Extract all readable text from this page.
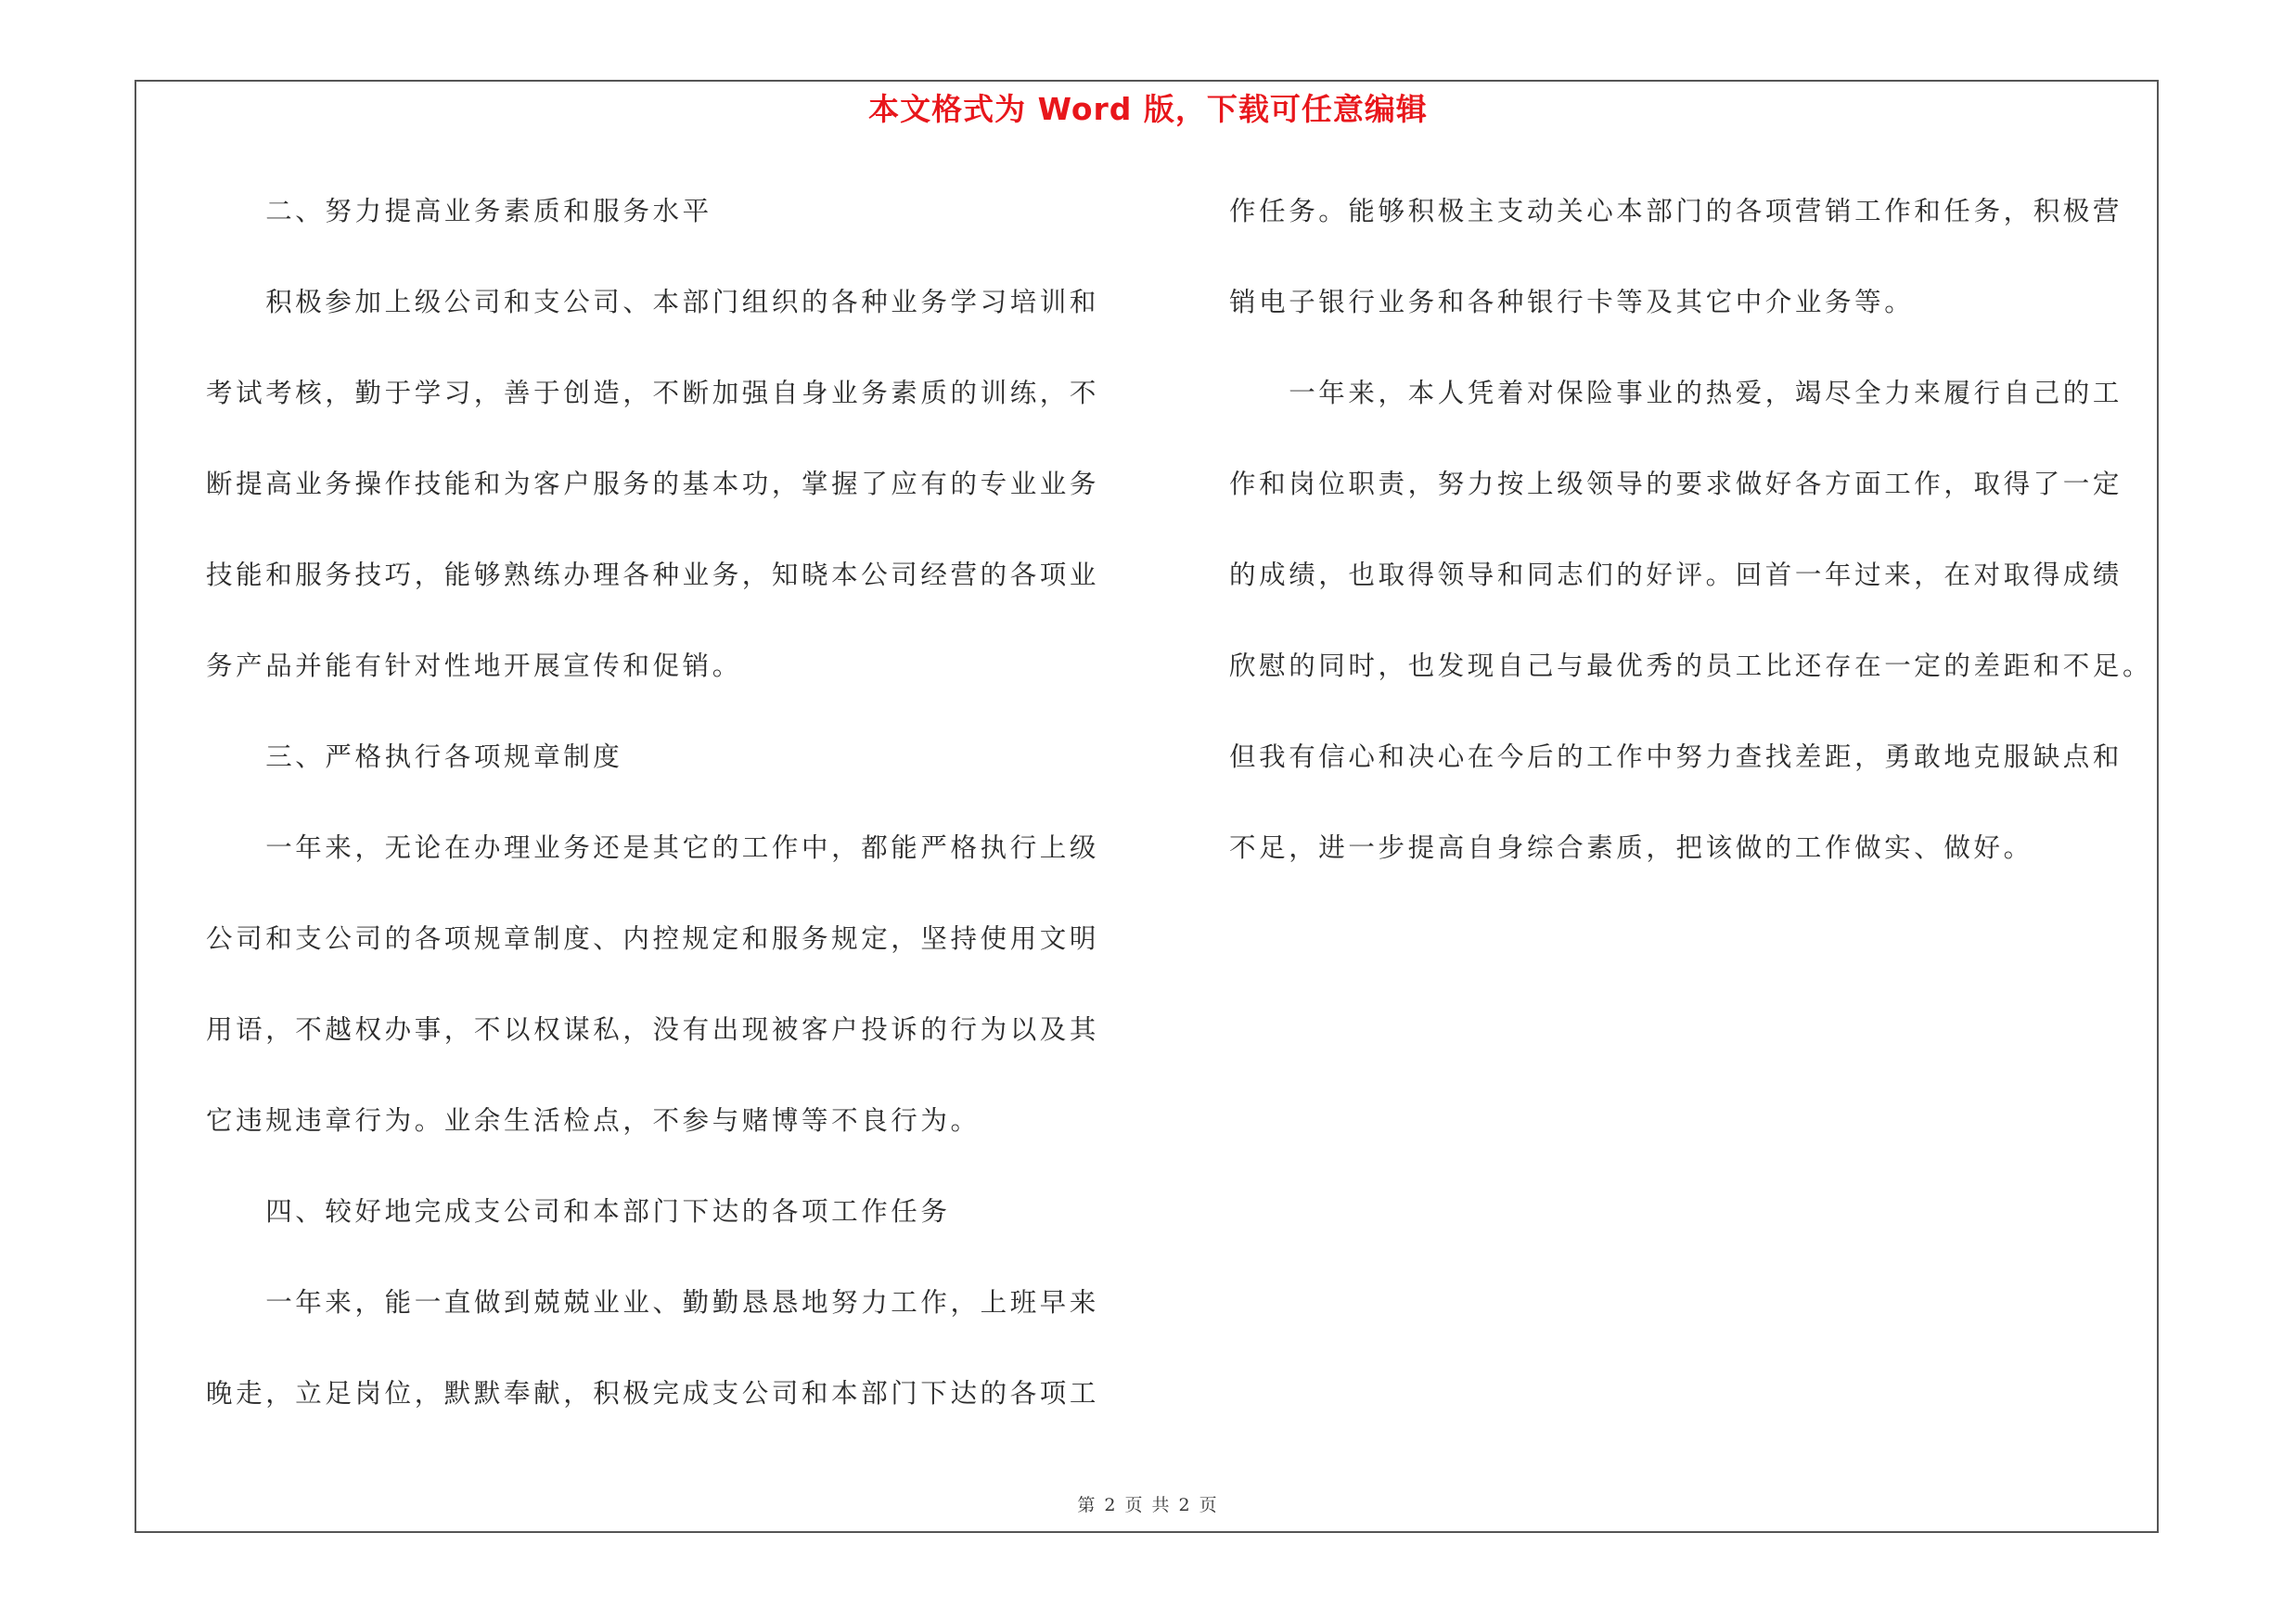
本文格式为 Word 版，下载可任意编辑

　　二、努力提高业务素质和服务水平

　　积极参加上级公司和支公司、本部门组织的各种业务学习培训和

考试考核，勤于学习，善于创造，不断加强自身业务素质的训练，不

断提高业务操作技能和为客户服务的基本功，掌握了应有的专业业务

技能和服务技巧，能够熟练办理各种业务，知晓本公司经营的各项业

务产品并能有针对性地开展宣传和促销。

　　三、严格执行各项规章制度

　　一年来，无论在办理业务还是其它的工作中，都能严格执行上级

公司和支公司的各项规章制度、内控规定和服务规定，坚持使用文明

用语，不越权办事，不以权谋私，没有出现被客户投诉的行为以及其

它违规违章行为。业余生活检点，不参与赌博等不良行为。

　　四、较好地完成支公司和本部门下达的各项工作任务

　　一年来，能一直做到兢兢业业、勤勤恳恳地努力工作，上班早来

晚走，立足岗位，默默奉献，积极完成支公司和本部门下达的各项工

作任务。能够积极主支动关心本部门的各项营销工作和任务，积极营

销电子银行业务和各种银行卡等及其它中介业务等。

　　一年来，本人凭着对保险事业的热爱，竭尽全力来履行自己的工

作和岗位职责，努力按上级领导的要求做好各方面工作，取得了一定

的成绩，也取得领导和同志们的好评。回首一年过来，在对取得成绩

欣慰的同时，也发现自己与最优秀的员工比还存在一定的差距和不足。

但我有信心和决心在今后的工作中努力查找差距，勇敢地克服缺点和

不足，进一步提高自身综合素质，把该做的工作做实、做好。

第 2 页 共 2 页
